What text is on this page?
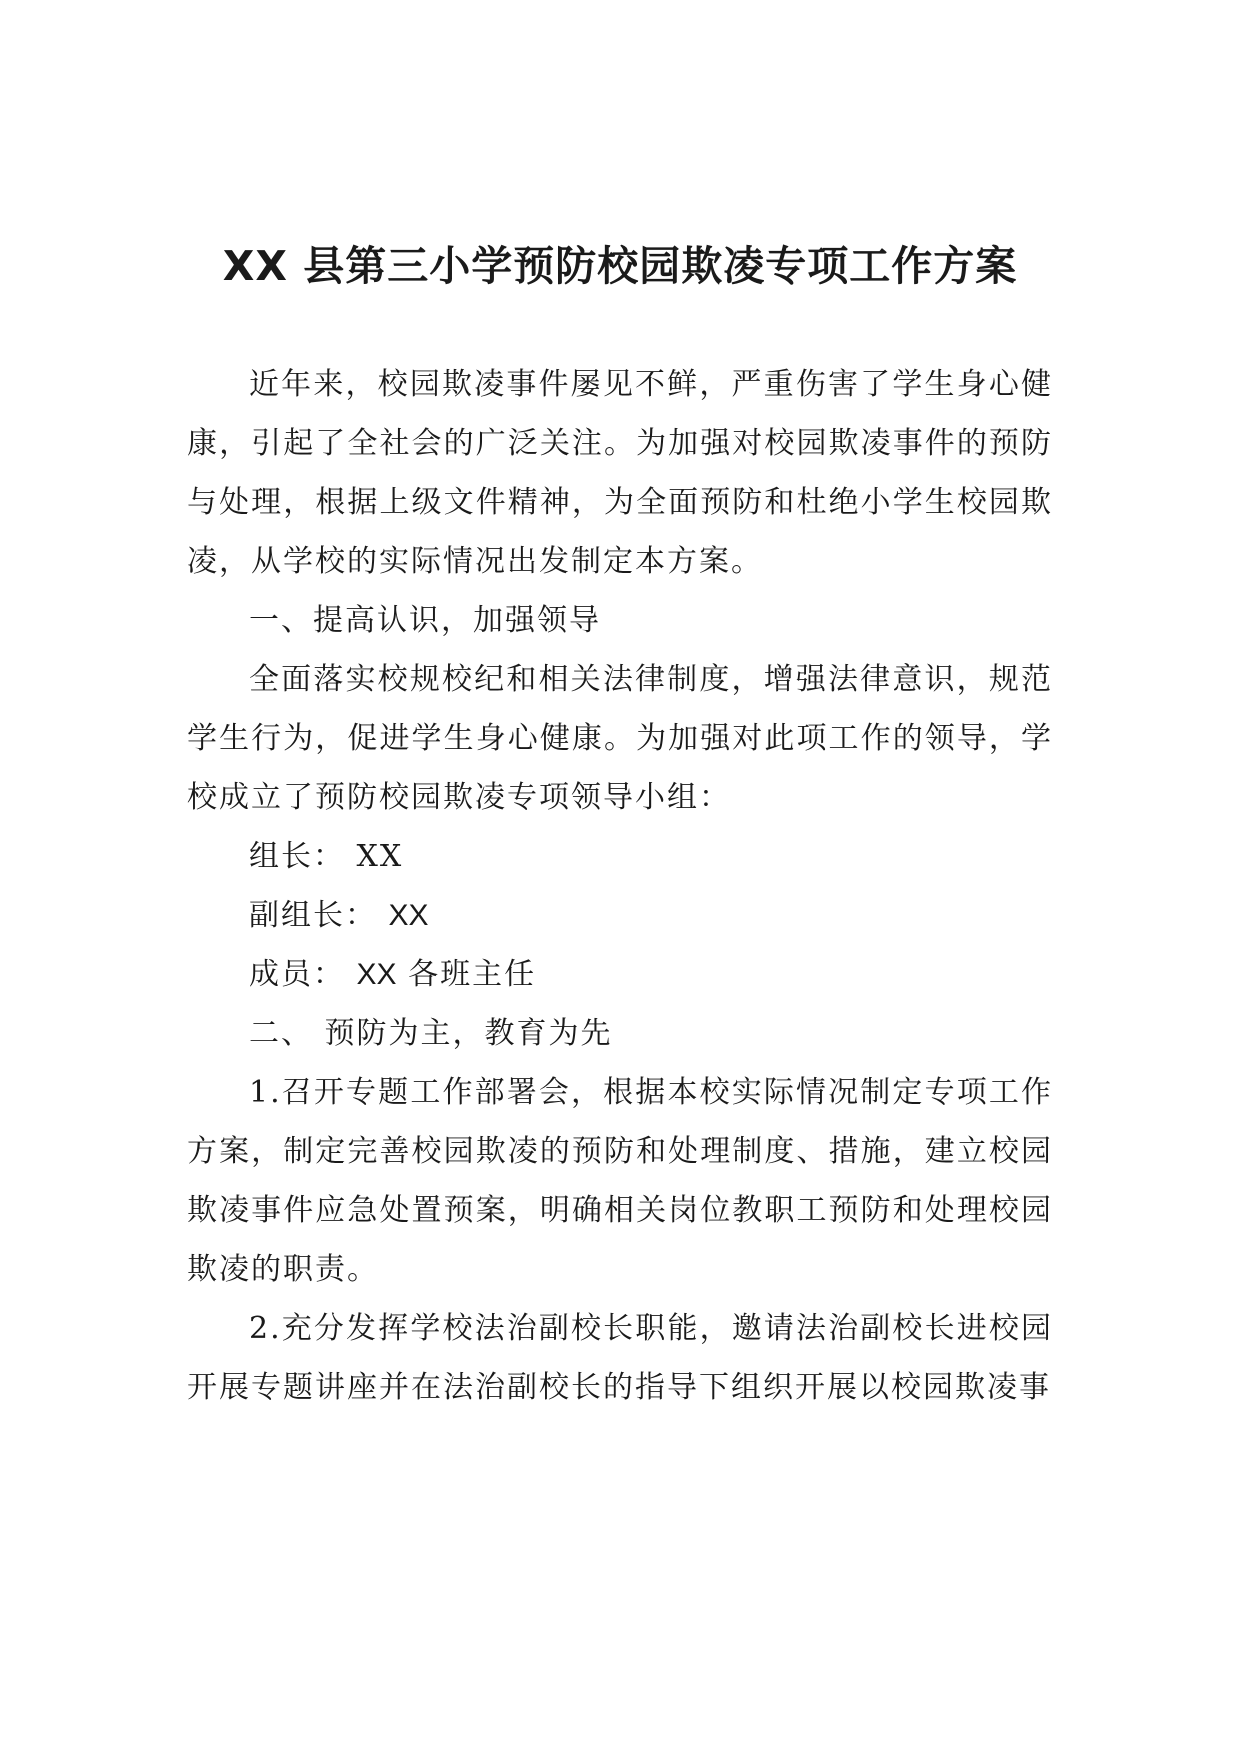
XX 县第三小学预防校园欺凌专项工作方案

近年来，校园欺凌事件屡见不鲜，严重伤害了学生身心健康，引起了全社会的广泛关注。为加强对校园欺凌事件的预防与处理，根据上级文件精神，为全面预防和杜绝小学生校园欺凌，从学校的实际情况出发制定本方案。

一、提高认识，加强领导

全面落实校规校纪和相关法律制度，增强法律意识，规范学生行为，促进学生身心健康。为加强对此项工作的领导，学校成立了预防校园欺凌专项领导小组：

组长： XX

副组长： XX

成员： XX 各班主任

二、 预防为主，教育为先

1.召开专题工作部署会，根据本校实际情况制定专项工作方案，制定完善校园欺凌的预防和处理制度、措施，建立校园欺凌事件应急处置预案，明确相关岗位教职工预防和处理校园欺凌的职责。

2.充分发挥学校法治副校长职能，邀请法治副校长进校园开展专题讲座并在法治副校长的指导下组织开展以校园欺凌事
